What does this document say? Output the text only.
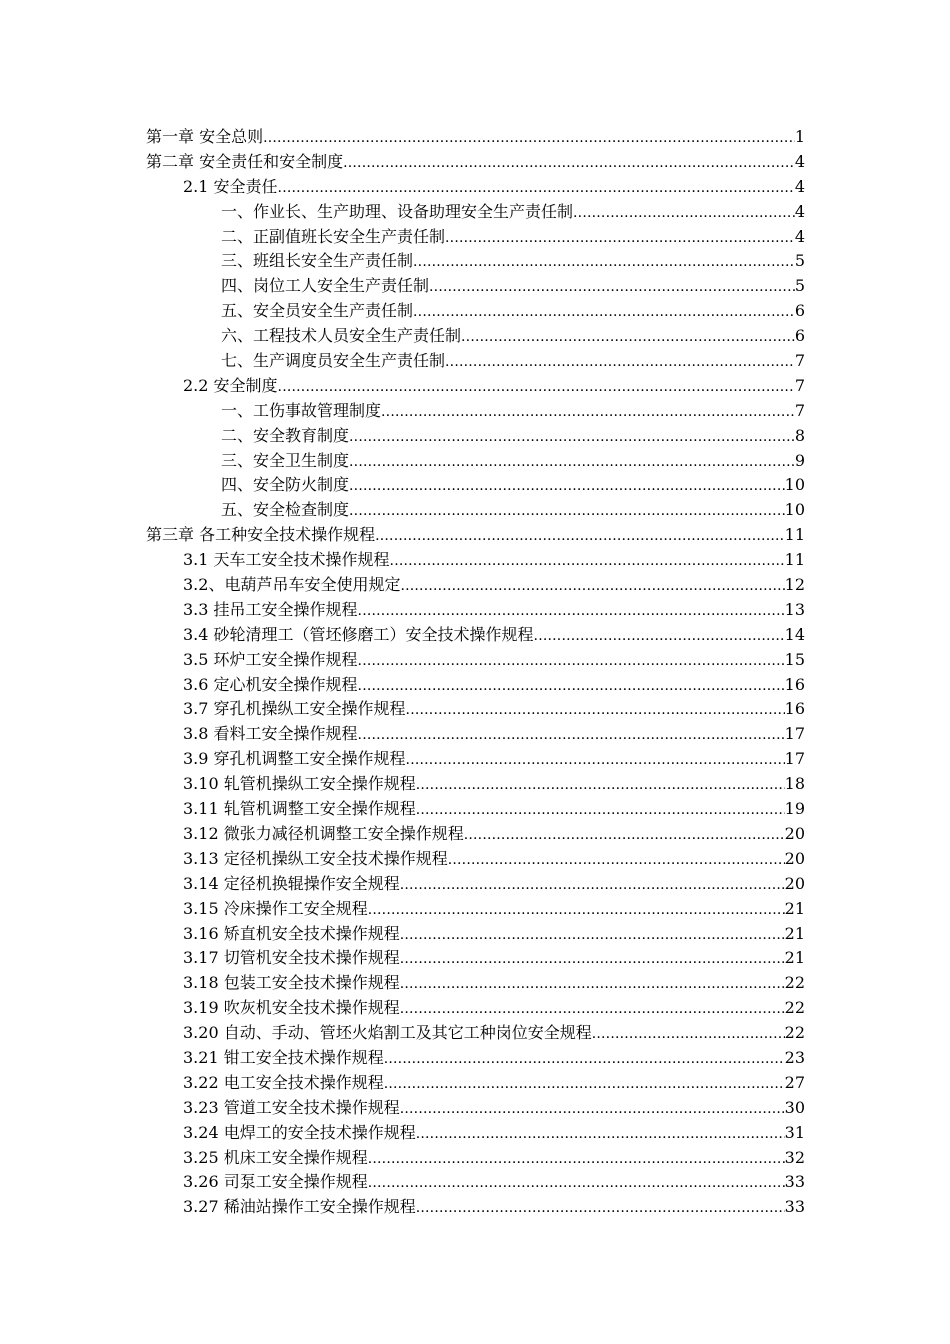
第一章 安全总则 .....	1
第二章 安全责任和安全制度 .....	4
2.1 安全责任 .....	4
一、作业长、生产助理、设备助理安全生产责任制 .....	4
二、正副值班长安全生产责任制 .....	4
三、班组长安全生产责任制 .....	5
四、岗位工人安全生产责任制 .....	5
五、安全员安全生产责任制 .....	6
六、工程技术人员安全生产责任制 .....	6
七、生产调度员安全生产责任制 .....	7
2.2 安全制度 .....	7
一、工伤事故管理制度 .....	7
二、安全教育制度 .....	8
三、安全卫生制度 .....	9
四、安全防火制度 .....	10
五、安全检查制度 .....	10
第三章 各工种安全技术操作规程 .....	11
3.1 天车工安全技术操作规程 .....	11
3.2、电葫芦吊车安全使用规定 .....	12
3.3 挂吊工安全操作规程 .....	13
3.4 砂轮清理工（管坯修磨工）安全技术操作规程 .....	14
3.5 环炉工安全操作规程 .....	15
3.6 定心机安全操作规程 .....	16
3.7 穿孔机操纵工安全操作规程 .....	16
3.8 看料工安全操作规程 .....	17
3.9 穿孔机调整工安全操作规程 .....	17
3.10 轧管机操纵工安全操作规程 .....	18
3.11 轧管机调整工安全操作规程 .....	19
3.12 微张力减径机调整工安全操作规程 .....	20
3.13 定径机操纵工安全技术操作规程 .....	20
3.14 定径机换辊操作安全规程 .....	20
3.15 冷床操作工安全规程 .....	21
3.16 矫直机安全技术操作规程 .....	21
3.17 切管机安全技术操作规程 .....	21
3.18 包装工安全技术操作规程 .....	22
3.19 吹灰机安全技术操作规程 .....	22
3.20 自动、手动、管坯火焰割工及其它工种岗位安全规程 .....	22
3.21 钳工安全技术操作规程 .....	23
3.22 电工安全技术操作规程 .....	27
3.23 管道工安全技术操作规程 .....	30
3.24 电焊工的安全技术操作规程 .....	31
3.25 机床工安全操作规程 .....	32
3.26 司泵工安全操作规程 .....	33
3.27 稀油站操作工安全操作规程 .....	33
